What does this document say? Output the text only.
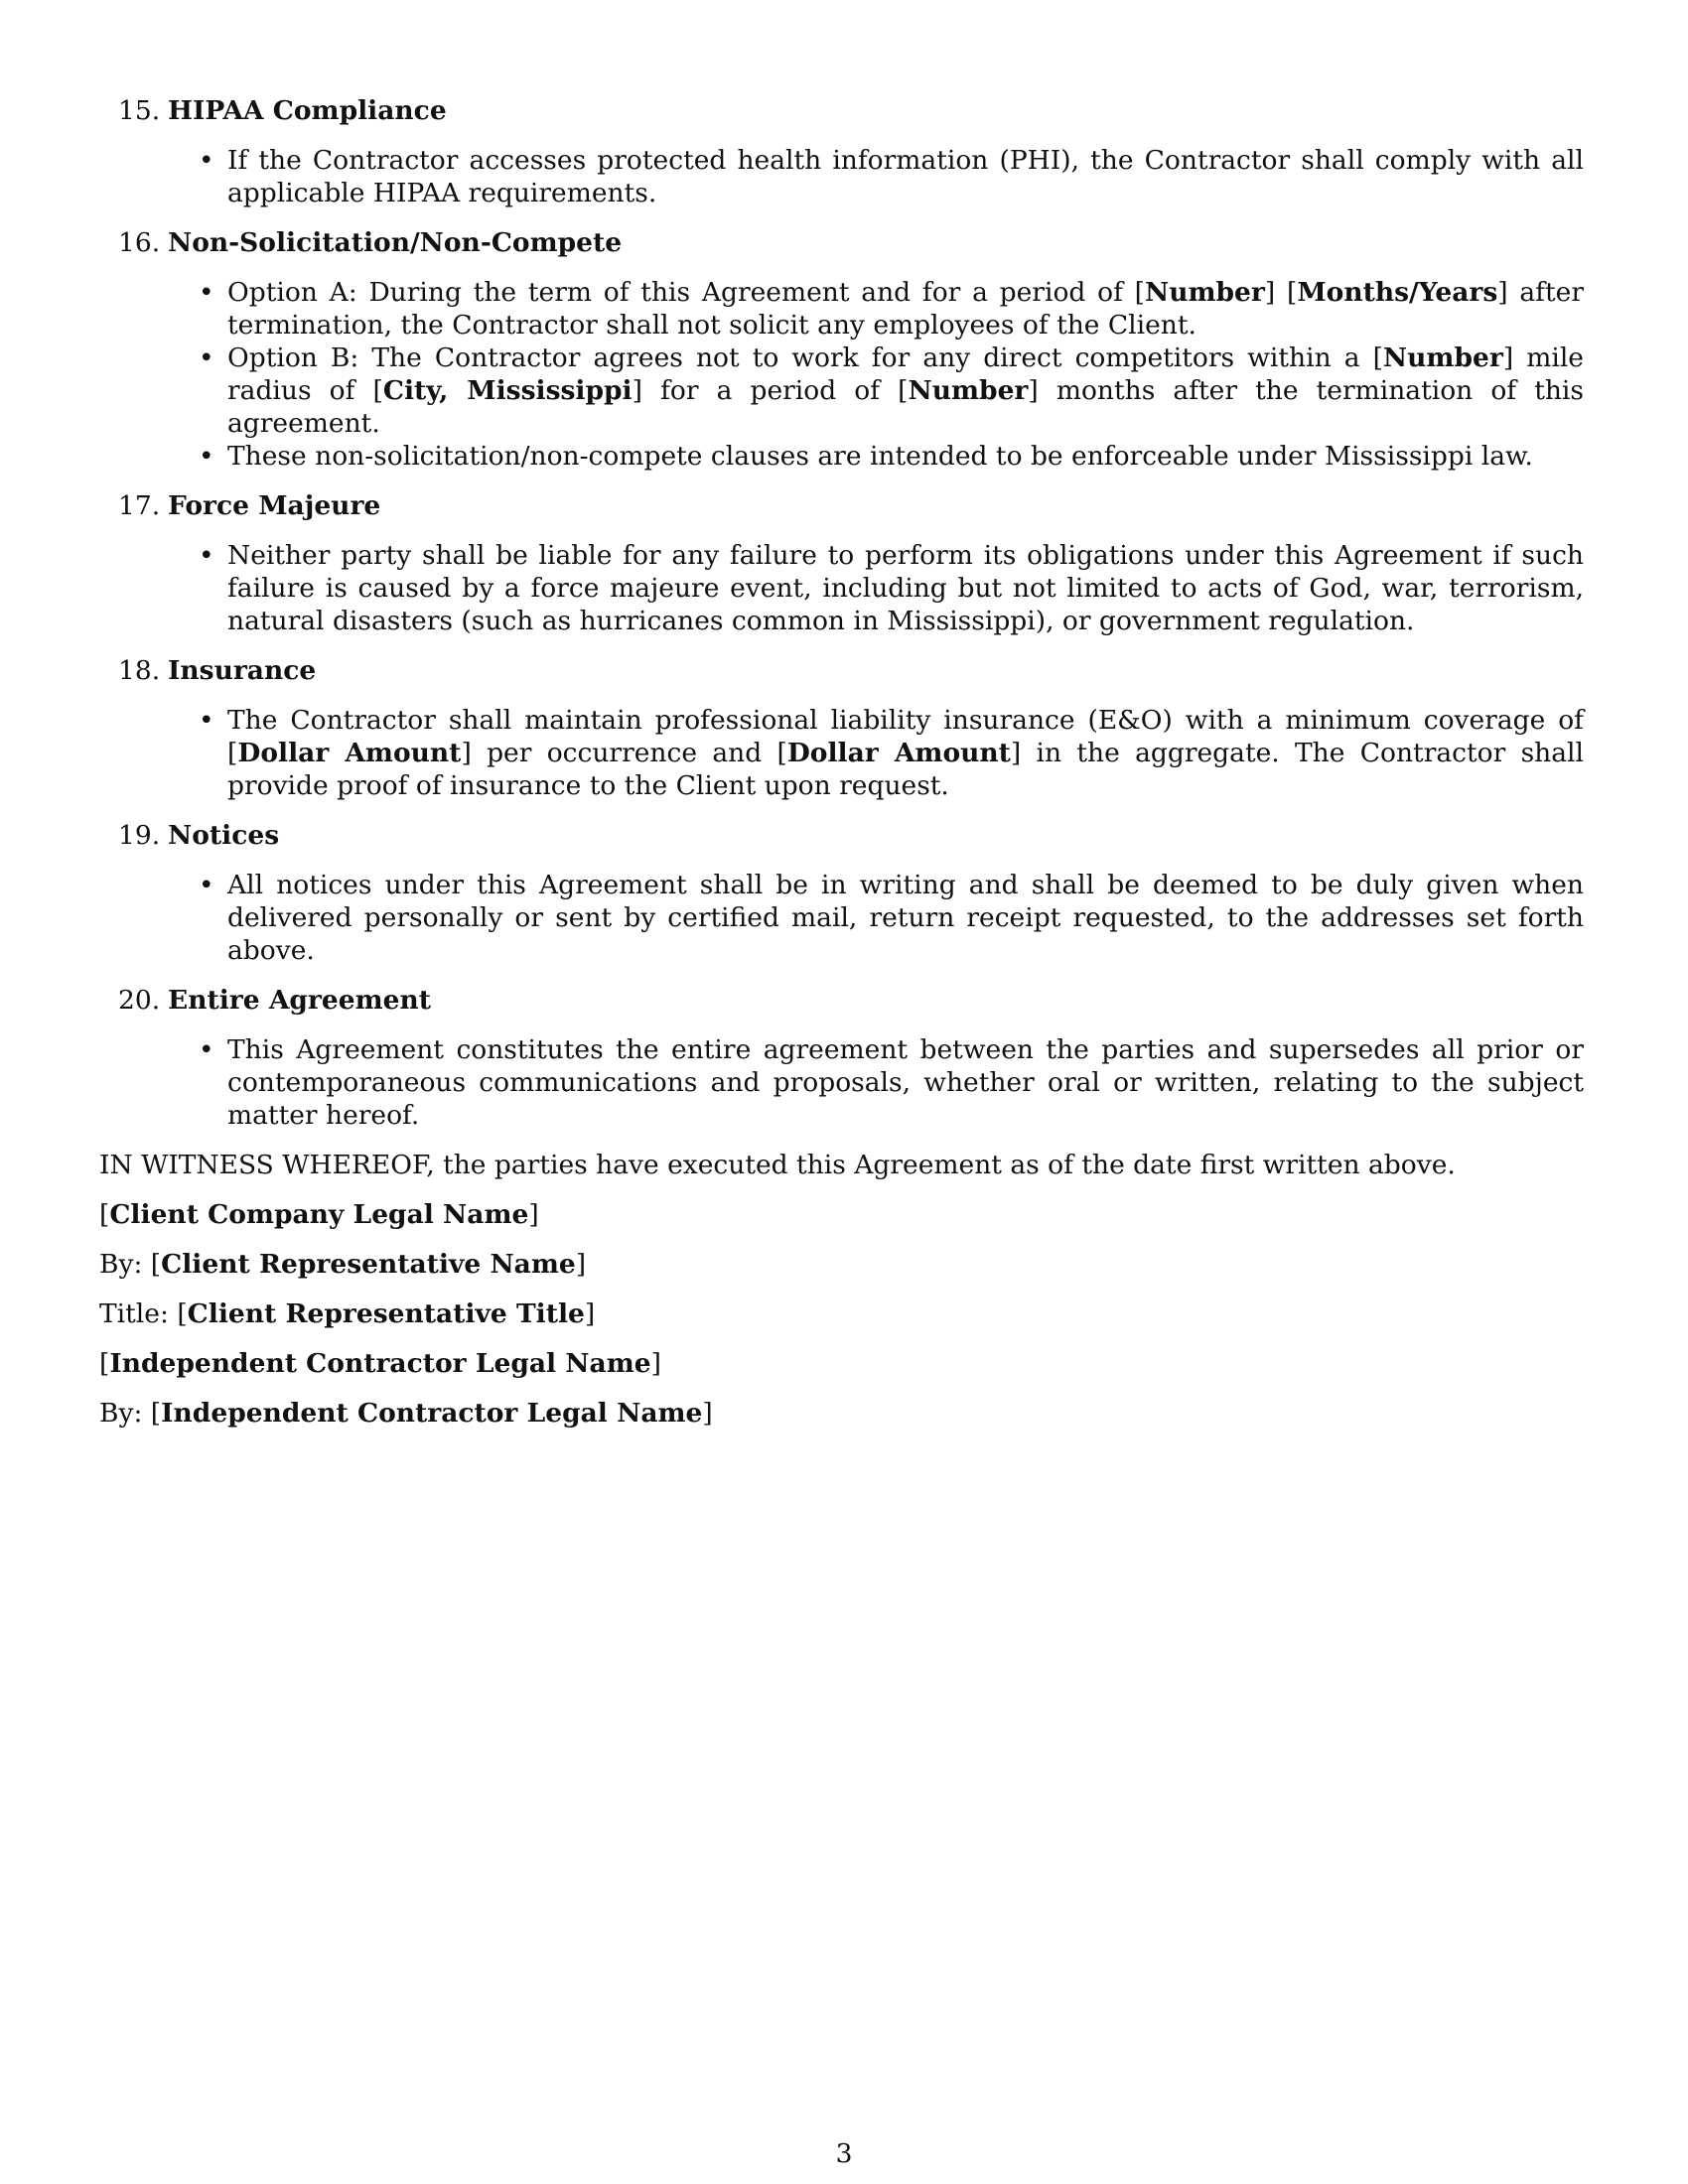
15. HIPAA Compliance
• If the Contractor accesses protected health information (PHI), the Contractor shall comply with all applicable HIPAA requirements.
16. Non-Solicitation/Non-Compete
• Option A: During the term of this Agreement and for a period of [Number] [Months/Years] after termination, the Contractor shall not solicit any employees of the Client.
• Option B: The Contractor agrees not to work for any direct competitors within a [Number] mile radius of [City, Mississippi] for a period of [Number] months after the termination of this agreement.
• These non-solicitation/non-compete clauses are intended to be enforceable under Mississippi law.
17. Force Majeure
• Neither party shall be liable for any failure to perform its obligations under this Agreement if such failure is caused by a force majeure event, including but not limited to acts of God, war, terrorism, natural disasters (such as hurricanes common in Mississippi), or government regulation.
18. Insurance
• The Contractor shall maintain professional liability insurance (E&O) with a minimum coverage of [Dollar Amount] per occurrence and [Dollar Amount] in the aggregate. The Contractor shall provide proof of insurance to the Client upon request.
19. Notices
• All notices under this Agreement shall be in writing and shall be deemed to be duly given when delivered personally or sent by certified mail, return receipt requested, to the addresses set forth above.
20. Entire Agreement
• This Agreement constitutes the entire agreement between the parties and supersedes all prior or contemporaneous communications and proposals, whether oral or written, relating to the subject matter hereof.

IN WITNESS WHEREOF, the parties have executed this Agreement as of the date first written above.

[Client Company Legal Name]

By: [Client Representative Name]

Title: [Client Representative Title]

[Independent Contractor Legal Name]

By: [Independent Contractor Legal Name]

3
